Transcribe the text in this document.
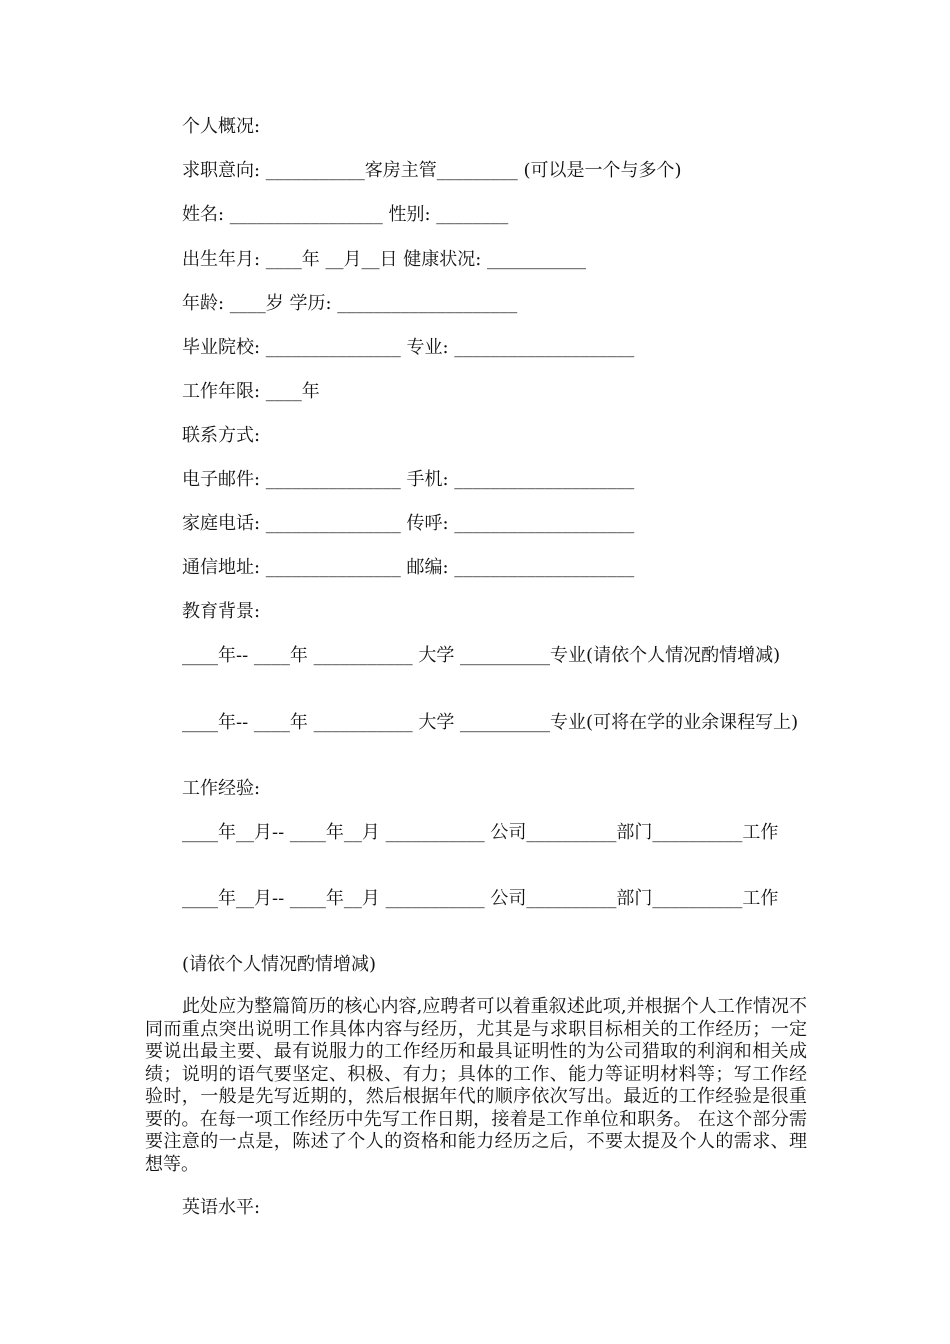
个人概况:
求职意向: ___________客房主管_________ (可以是一个与多个)
姓名: _________________ 性别: ________
出生年月: ____年 __月__日 健康状况: ___________
年龄: ____岁 学历: ____________________
毕业院校: _______________ 专业: ____________________
工作年限: ____年
联系方式:
电子邮件: _______________ 手机: ____________________
家庭电话: _______________ 传呼: ____________________
通信地址: _______________ 邮编: ____________________
教育背景:
____年-- ____年 ___________ 大学 __________专业(请依个人情况酌情增减)
____年-- ____年 ___________ 大学 __________专业(可将在学的业余课程写上)
工作经验:
____年__月-- ____年__月 ___________ 公司__________部门__________工作
____年__月-- ____年__月 ___________ 公司__________部门__________工作
(请依个人情况酌情增减)
此处应为整篇简历的核心内容,应聘者可以着重叙述此项,并根据个人工作情况不同而重点突出说明工作具体内容与经历，尤其是与求职目标相关的工作经历；一定要说出最主要、最有说服力的工作经历和最具证明性的为公司猎取的利润和相关成绩；说明的语气要坚定、积极、有力；具体的工作、能力等证明材料等；写工作经验时，一般是先写近期的，然后根据年代的顺序依次写出。最近的工作经验是很重要的。在每一项工作经历中先写工作日期，接着是工作单位和职务。 在这个部分需要注意的一点是，陈述了个人的资格和能力经历之后，不要太提及个人的需求、理想等。
英语水平:
